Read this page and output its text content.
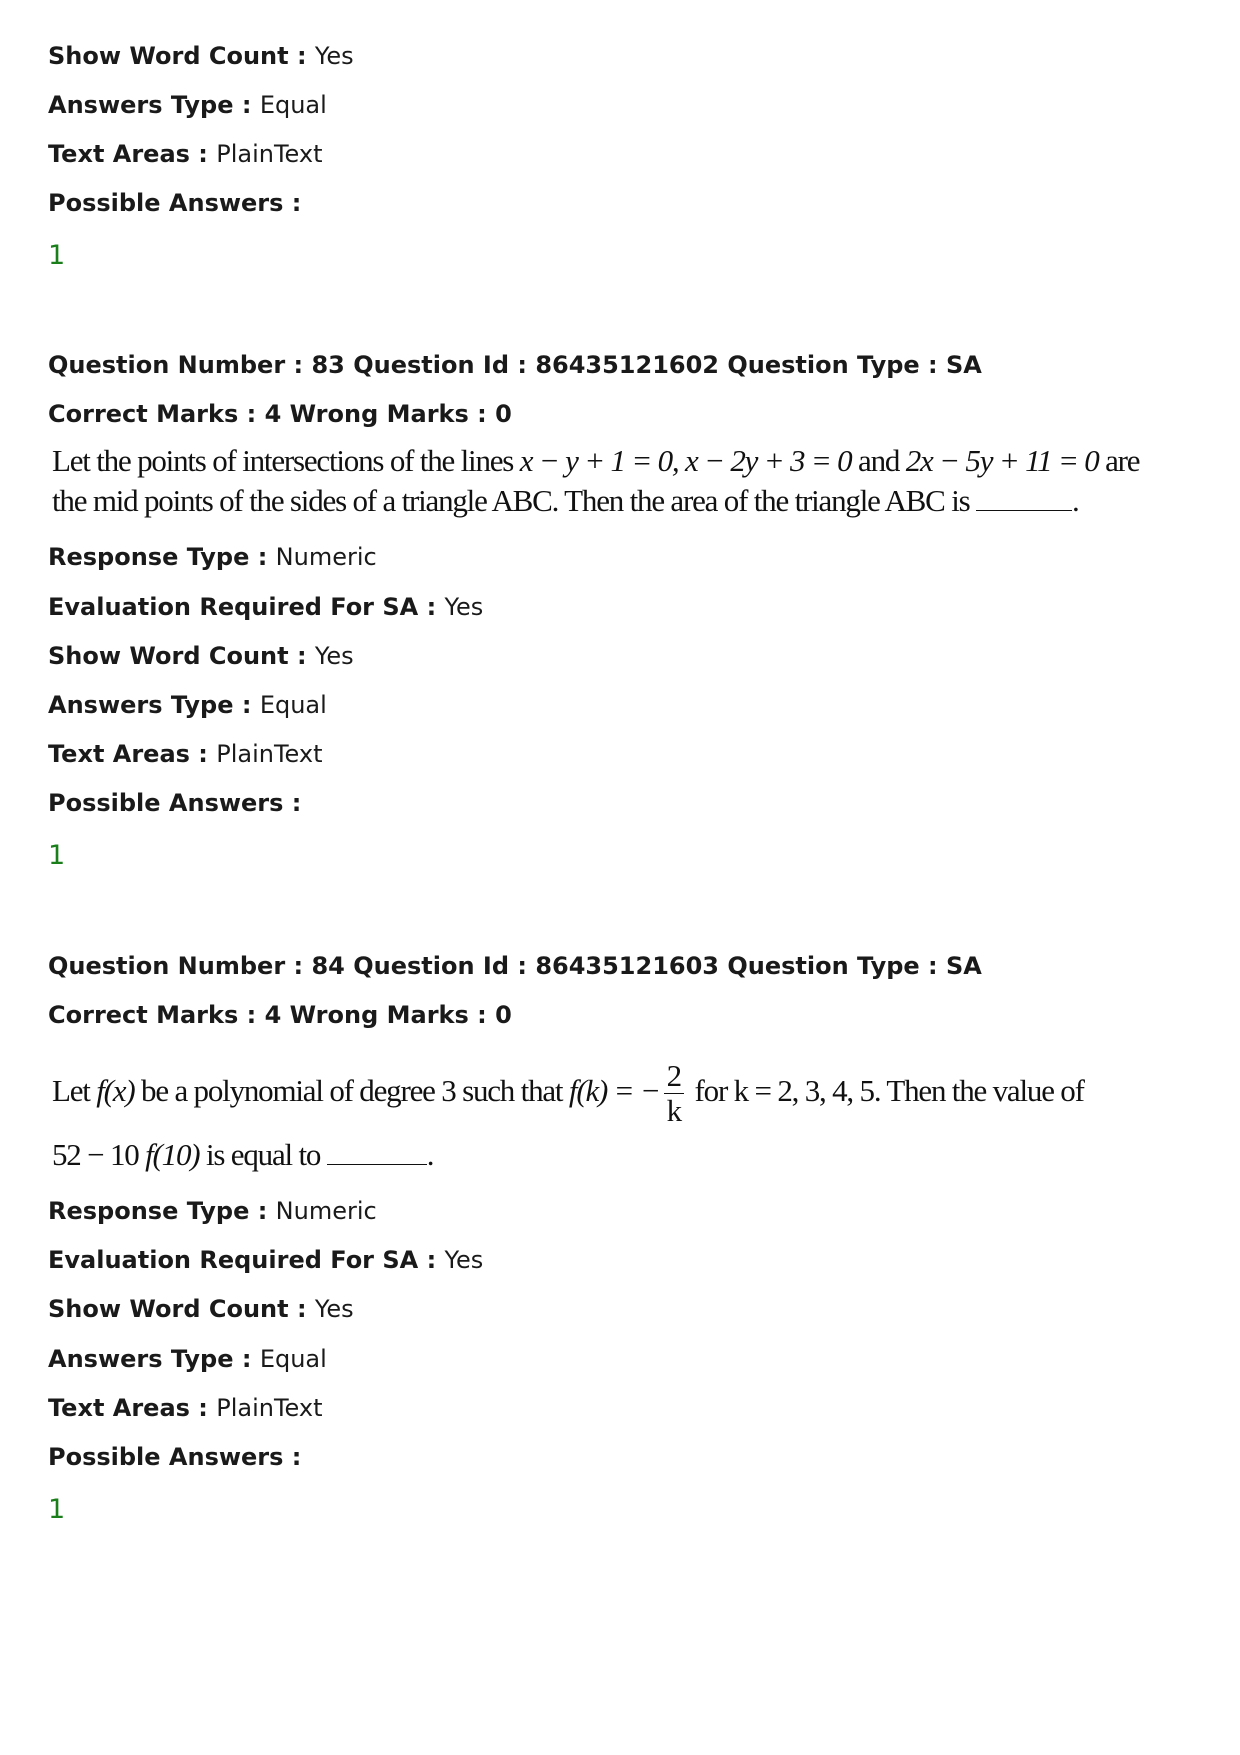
Show Word Count : Yes
Answers Type : Equal
Text Areas : PlainText
Possible Answers :
1
Question Number : 83 Question Id : 86435121602 Question Type : SA
Correct Marks : 4 Wrong Marks : 0
Let the points of intersections of the lines x − y + 1 = 0, x − 2y + 3 = 0 and 2x − 5y + 11 = 0 are
the mid points of the sides of a triangle ABC. Then the area of the triangle ABC is	.
Response Type : Numeric
Evaluation Required For SA : Yes
Show Word Count : Yes
Answers Type : Equal
Text Areas : PlainText
Possible Answers :
1
Question Number : 84 Question Id : 86435121603 Question Type : SA
Correct Marks : 4 Wrong Marks : 0
Let f(x) be a polynomial of degree 3 such that f(k) = − $\frac{2}{k}$ for k = 2, 3, 4, 5. Then the value of
52 − 10 f(10) is equal to	.
Response Type : Numeric
Evaluation Required For SA : Yes
Show Word Count : Yes
Answers Type : Equal
Text Areas : PlainText
Possible Answers :
1
